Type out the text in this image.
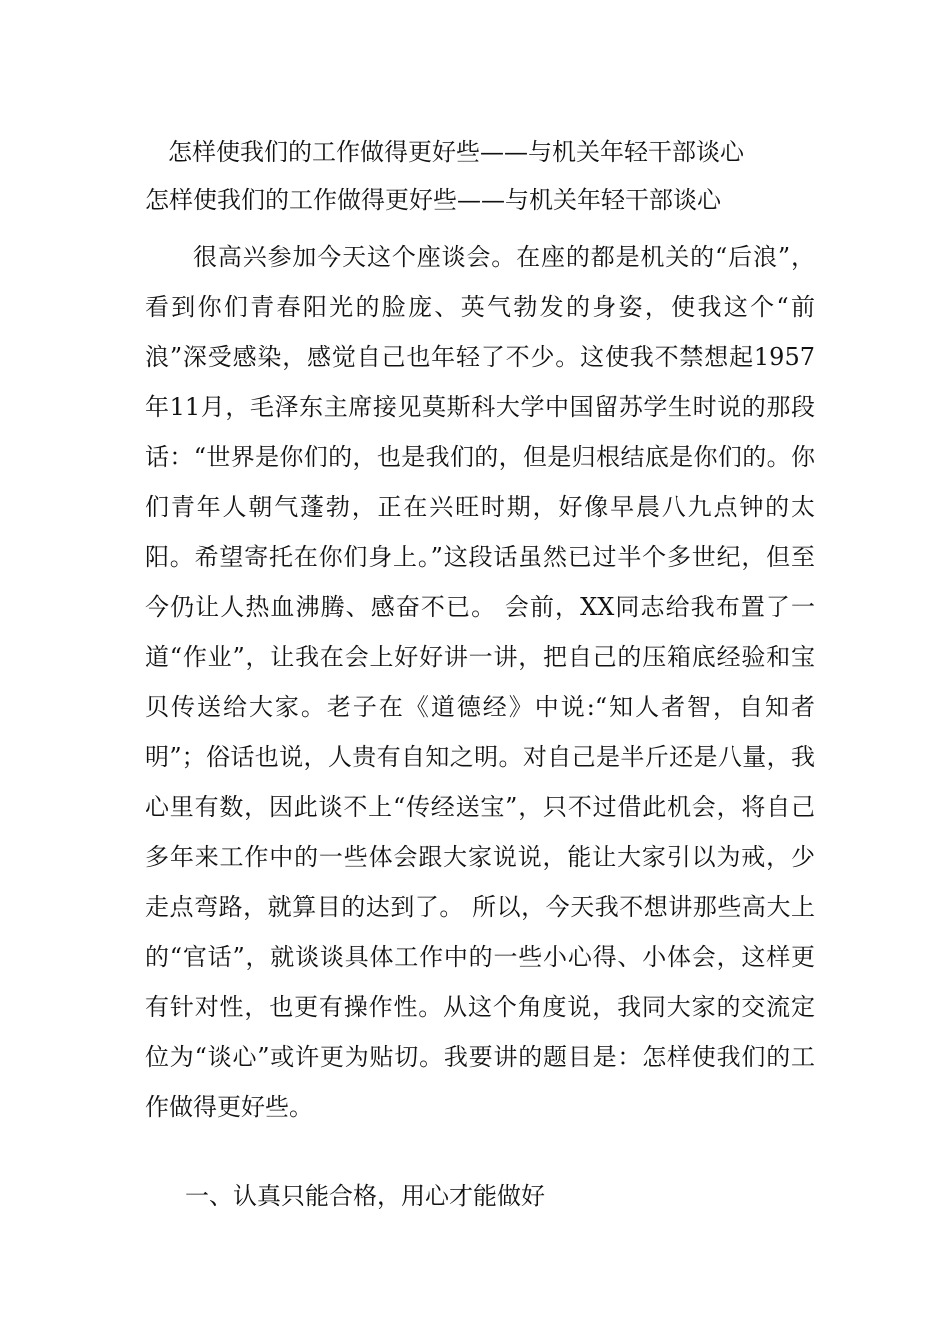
怎样使我们的工作做得更好些——与机关年轻干部谈心
怎样使我们的工作做得更好些——与机关年轻干部谈心

很高兴参加今天这个座谈会。在座的都是机关的“后浪”，看到你们青春阳光的脸庞、英气勃发的身姿，使我这个“前浪”深受感染，感觉自己也年轻了不少。这使我不禁想起1957年11月，毛泽东主席接见莫斯科大学中国留苏学生时说的那段话：“世界是你们的，也是我们的，但是归根结底是你们的。你们青年人朝气蓬勃，正在兴旺时期，好像早晨八九点钟的太阳。希望寄托在你们身上。”这段话虽然已过半个多世纪，但至今仍让人热血沸腾、感奋不已。 会前，XX同志给我布置了一道“作业”，让我在会上好好讲一讲，把自己的压箱底经验和宝贝传送给大家。老子在《道德经》中说:“知人者智，自知者明”；俗话也说，人贵有自知之明。对自己是半斤还是八量，我心里有数，因此谈不上“传经送宝”，只不过借此机会，将自己多年来工作中的一些体会跟大家说说，能让大家引以为戒，少走点弯路，就算目的达到了。 所以，今天我不想讲那些高大上的“官话”，就谈谈具体工作中的一些小心得、小体会，这样更有针对性，也更有操作性。从这个角度说，我同大家的交流定位为“谈心”或许更为贴切。我要讲的题目是：怎样使我们的工作做得更好些。

一、认真只能合格，用心才能做好
